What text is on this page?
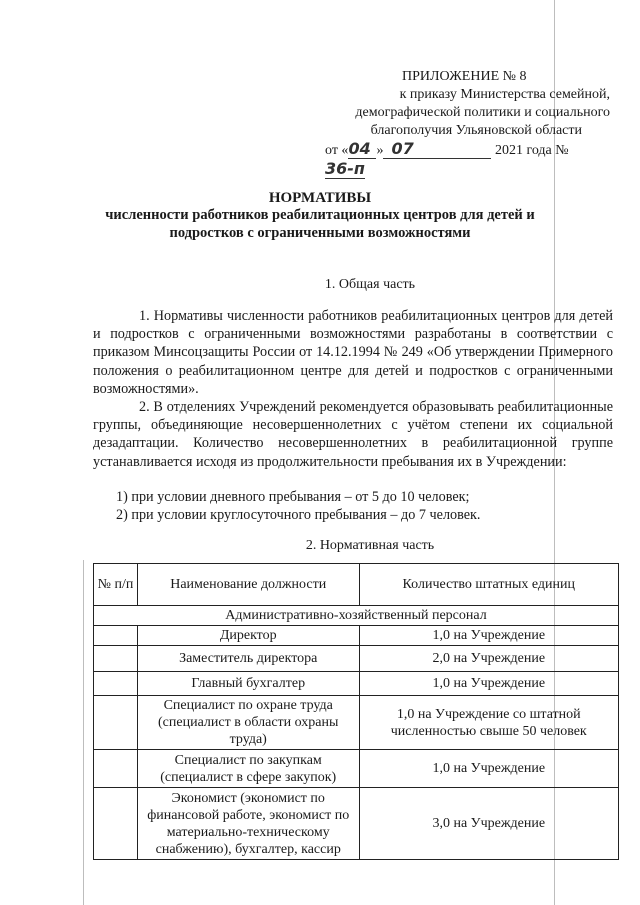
ПРИЛОЖЕНИЕ № 8
к приказу Министерства семейной,
демографической политики и социального
благополучия Ульяновской области
от «04 » 07	2021 года № 36-п
НОРМАТИВЫ
численности работников реабилитационных центров для детей и
подростков с ограниченными возможностями
1. Общая часть
1. Нормативы численности работников реабилитационных центров для детей и подростков с ограниченными возможностями разработаны в соответствии с приказом Минсоцзащиты России от 14.12.1994 № 249 «Об утверждении Примерного положения о реабилитационном центре для детей и подростков с ограниченными возможностями».
2. В отделениях Учреждений рекомендуется образовывать реабилитационные группы, объединяющие несовершеннолетних с учётом степени их социальной дезадаптации. Количество несовершеннолетних в реабилитационной группе устанавливается исходя из продолжительности пребывания их в Учреждении:
1) при условии дневного пребывания – от 5 до 10 человек;
2) при условии круглосуточного пребывания – до 7 человек.
2. Нормативная часть
№ п/п	Наименование должности	Количество штатных единиц
Административно-хозяйственный персонал		
	Директор	1,0 на Учреждение
	Заместитель директора	2,0 на Учреждение
	Главный бухгалтер	1,0 на Учреждение
	Специалист по охране труда (специалист в области охраны труда)	1,0 на Учреждение со штатной численностью свыше 50 человек
	Специалист по закупкам (специалист в сфере закупок)	1,0 на Учреждение
	Экономист (экономист по финансовой работе, экономист по материально-техническому снабжению), бухгалтер, кассир	3,0 на Учреждение
